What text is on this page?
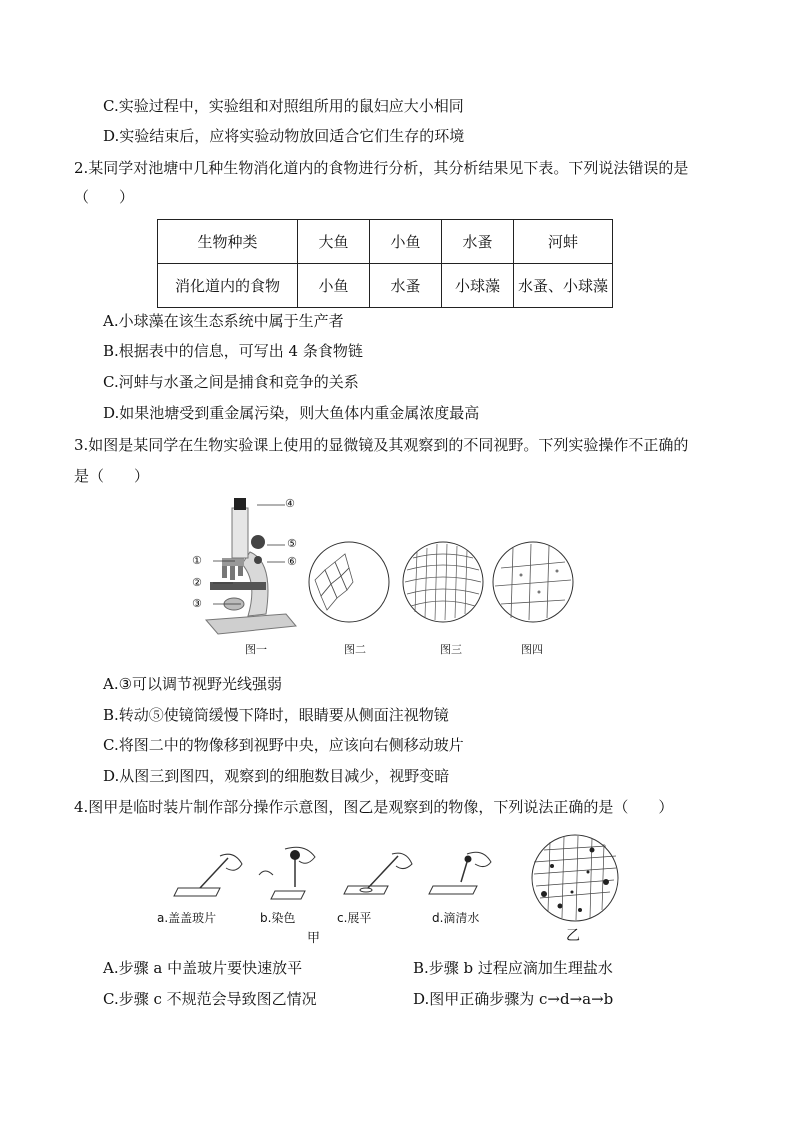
C.实验过程中，实验组和对照组所用的鼠妇应大小相同
D.实验结束后，应将实验动物放回适合它们生存的环境
2.某同学对池塘中几种生物消化道内的食物进行分析，其分析结果见下表。下列说法错误的是
（　　）
生物种类	大鱼	小鱼	水蚤	河蚌
消化道内的食物	小鱼	水蚤	小球藻	水蚤、小球藻
A.小球藻在该生态系统中属于生产者
B.根据表中的信息，可写出 4 条食物链
C.河蚌与水蚤之间是捕食和竞争的关系
D.如果池塘受到重金属污染，则大鱼体内重金属浓度最高
3.如图是某同学在生物实验课上使用的显微镜及其观察到的不同视野。下列实验操作不正确的
是（　　）
④
⑤
⑥
①
②
③
图一	图二	图三	图四
A.③可以调节视野光线强弱
B.转动⑤使镜筒缓慢下降时，眼睛要从侧面注视物镜
C.将图二中的物像移到视野中央，应该向右侧移动玻片
D.从图三到图四，观察到的细胞数目减少，视野变暗
4.图甲是临时装片制作部分操作示意图，图乙是观察到的物像，下列说法正确的是（　　）
a.盖盖玻片	b.染色	c.展平	d.滴清水
甲	乙
A.步骤 a 中盖玻片要快速放平	B.步骤 b 过程应滴加生理盐水
C.步骤 c 不规范会导致图乙情况	D.图甲正确步骤为 c→d→a→b
